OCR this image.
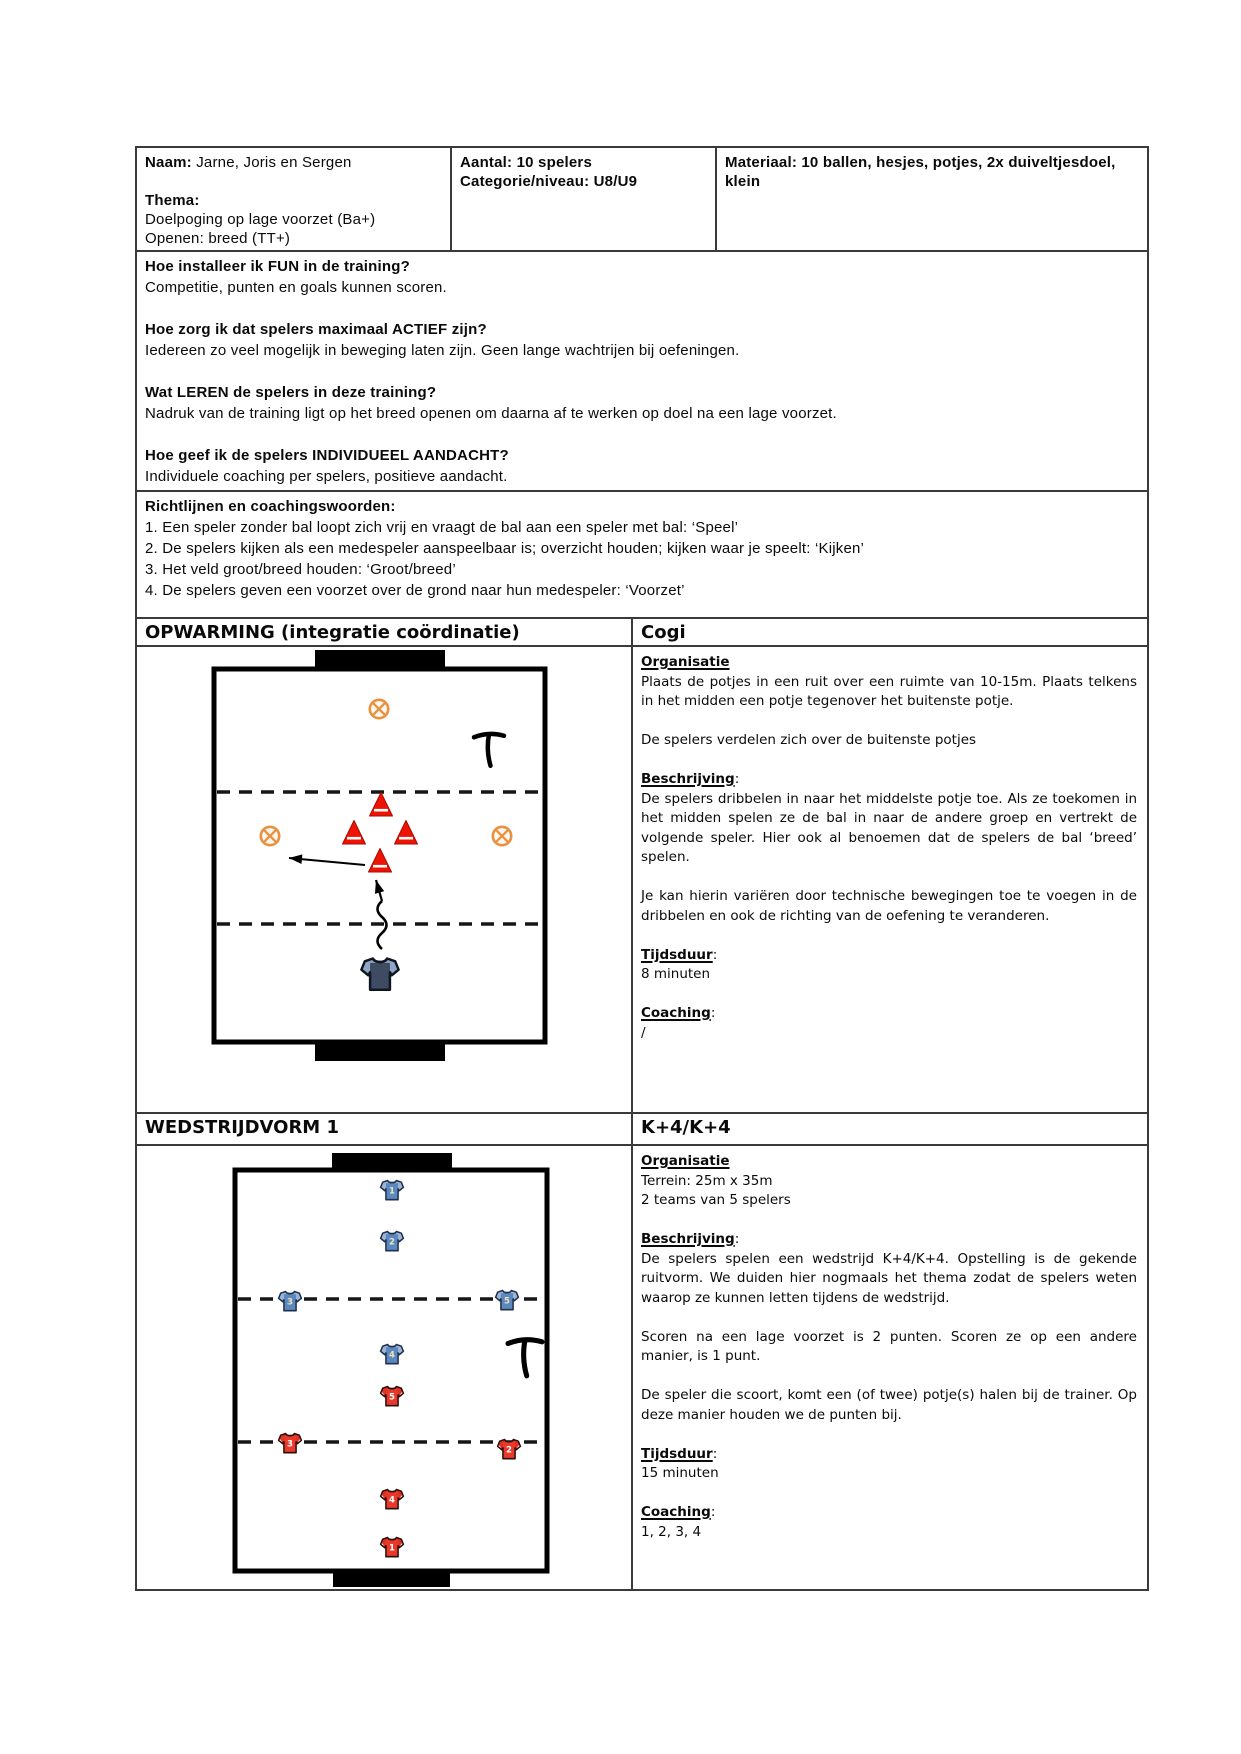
Naam: Jarne, Joris en Sergen
Thema:
Doelpoging op lage voorzet (Ba+)
Openen: breed (TT+)
Aantal: 10 spelers
Categorie/niveau: U8/U9
Materiaal: 10 ballen, hesjes, potjes, 2x duiveltjesdoel, klein
Hoe installeer ik FUN in de training?
Competitie, punten en goals kunnen scoren.
Hoe zorg ik dat spelers maximaal ACTIEF zijn?
Iedereen zo veel mogelijk in beweging laten zijn. Geen lange wachtrijen bij oefeningen.
Wat LEREN de spelers in deze training?
Nadruk van de training ligt op het breed openen om daarna af te werken op doel na een lage voorzet.
Hoe geef ik de spelers INDIVIDUEEL AANDACHT?
Individuele coaching per spelers, positieve aandacht.
Richtlijnen en coachingswoorden:
1. Een speler zonder bal loopt zich vrij en vraagt de bal aan een speler met bal: ‘Speel’
2. De spelers kijken als een medespeler aanspeelbaar is; overzicht houden; kijken waar je speelt: ‘Kijken’
3. Het veld groot/breed houden: ‘Groot/breed’
4. De spelers geven een voorzet over de grond naar hun medespeler: ‘Voorzet’
OPWARMING (integratie coördinatie)	Cogi
Organisatie
Plaats de potjes in een ruit over een ruimte van 10-15m. Plaats telkens in het midden een potje tegenover het buitenste potje.
De spelers verdelen zich over de buitenste potjes
Beschrijving:
De spelers dribbelen in naar het middelste potje toe. Als ze toekomen in het midden spelen ze de bal in naar de andere groep en vertrekt de volgende speler. Hier ook al benoemen dat de spelers de bal ‘breed’ spelen.
Je kan hierin variëren door technische bewegingen toe te voegen in de dribbelen en ook de richting van de oefening te veranderen.
Tijdsduur:
8 minuten
Coaching:
/
WEDSTRIJDVORM 1	K+4/K+4
1
2
3	5
4
5
3
2
4
1
Organisatie
Terrein: 25m x 35m
2 teams van 5 spelers
Beschrijving:
De spelers spelen een wedstrijd K+4/K+4. Opstelling is de gekende ruitvorm. We duiden hier nogmaals het thema zodat de spelers weten waarop ze kunnen letten tijdens de wedstrijd.
Scoren na een lage voorzet is 2 punten. Scoren ze op een andere manier, is 1 punt.
De speler die scoort, komt een (of twee) potje(s) halen bij de trainer. Op deze manier houden we de punten bij.
Tijdsduur:
15 minuten
Coaching:
1, 2, 3, 4
